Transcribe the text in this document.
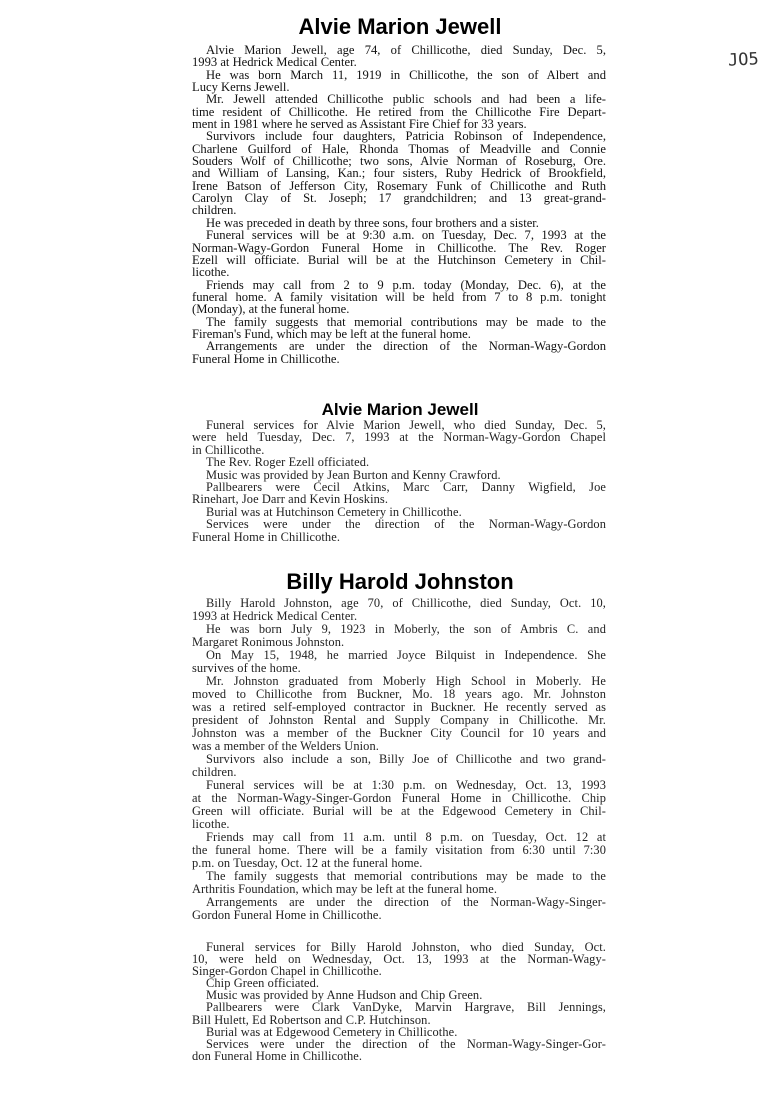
JO5
Alvie Marion Jewell
Alvie Marion Jewell, age 74, of Chillicothe, died Sunday, Dec. 5,
1993 at Hedrick Medical Center.
He was born March 11, 1919 in Chillicothe, the son of Albert and
Lucy Kerns Jewell.
Mr. Jewell attended Chillicothe public schools and had been a life-
time resident of Chillicothe. He retired from the Chillicothe Fire Depart-
ment in 1981 where he served as Assistant Fire Chief for 33 years.
Survivors include four daughters, Patricia Robinson of Independence,
Charlene Guilford of Hale, Rhonda Thomas of Meadville and Connie
Souders Wolf of Chillicothe; two sons, Alvie Norman of Roseburg, Ore.
and William of Lansing, Kan.; four sisters, Ruby Hedrick of Brookfield,
Irene Batson of Jefferson City, Rosemary Funk of Chillicothe and Ruth
Carolyn Clay of St. Joseph; 17 grandchildren; and 13 great-grand-
children.
He was preceded in death by three sons, four brothers and a sister.
Funeral services will be at 9:30 a.m. on Tuesday, Dec. 7, 1993 at the
Norman-Wagy-Gordon Funeral Home in Chillicothe. The Rev. Roger
Ezell will officiate. Burial will be at the Hutchinson Cemetery in Chil-
licothe.
Friends may call from 2 to 9 p.m. today (Monday, Dec. 6), at the
funeral home. A family visitation will be held from 7 to 8 p.m. tonight
(Monday), at the funeral home.
The family suggests that memorial contributions may be made to the
Fireman's Fund, which may be left at the funeral home.
Arrangements are under the direction of the Norman-Wagy-Gordon
Funeral Home in Chillicothe.
Alvie Marion Jewell
Funeral services for Alvie Marion Jewell, who died Sunday, Dec. 5,
were held Tuesday, Dec. 7, 1993 at the Norman-Wagy-Gordon Chapel
in Chillicothe.
The Rev. Roger Ezell officiated.
Music was provided by Jean Burton and Kenny Crawford.
Pallbearers were Cecil Atkins, Marc Carr, Danny Wigfield, Joe
Rinehart, Joe Darr and Kevin Hoskins.
Burial was at Hutchinson Cemetery in Chillicothe.
Services were under the direction of the Norman-Wagy-Gordon
Funeral Home in Chillicothe.
Billy Harold Johnston
Billy Harold Johnston, age 70, of Chillicothe, died Sunday, Oct. 10,
1993 at Hedrick Medical Center.
He was born July 9, 1923 in Moberly, the son of Ambris C. and
Margaret Ronimous Johnston.
On May 15, 1948, he married Joyce Bilquist in Independence. She
survives of the home.
Mr. Johnston graduated from Moberly High School in Moberly. He
moved to Chillicothe from Buckner, Mo. 18 years ago. Mr. Johnston
was a retired self-employed contractor in Buckner. He recently served as
president of Johnston Rental and Supply Company in Chillicothe. Mr.
Johnston was a member of the Buckner City Council for 10 years and
was a member of the Welders Union.
Survivors also include a son, Billy Joe of Chillicothe and two grand-
children.
Funeral services will be at 1:30 p.m. on Wednesday, Oct. 13, 1993
at the Norman-Wagy-Singer-Gordon Funeral Home in Chillicothe. Chip
Green will officiate. Burial will be at the Edgewood Cemetery in Chil-
licothe.
Friends may call from 11 a.m. until 8 p.m. on Tuesday, Oct. 12 at
the funeral home. There will be a family visitation from 6:30 until 7:30
p.m. on Tuesday, Oct. 12 at the funeral home.
The family suggests that memorial contributions may be made to the
Arthritis Foundation, which may be left at the funeral home.
Arrangements are under the direction of the Norman-Wagy-Singer-
Gordon Funeral Home in Chillicothe.
Funeral services for Billy Harold Johnston, who died Sunday, Oct.
10, were held on Wednesday, Oct. 13, 1993 at the Norman-Wagy-
Singer-Gordon Chapel in Chillicothe.
Chip Green officiated.
Music was provided by Anne Hudson and Chip Green.
Pallbearers were Clark VanDyke, Marvin Hargrave, Bill Jennings,
Bill Hulett, Ed Robertson and C.P. Hutchinson.
Burial was at Edgewood Cemetery in Chillicothe.
Services were under the direction of the Norman-Wagy-Singer-Gor-
don Funeral Home in Chillicothe.
